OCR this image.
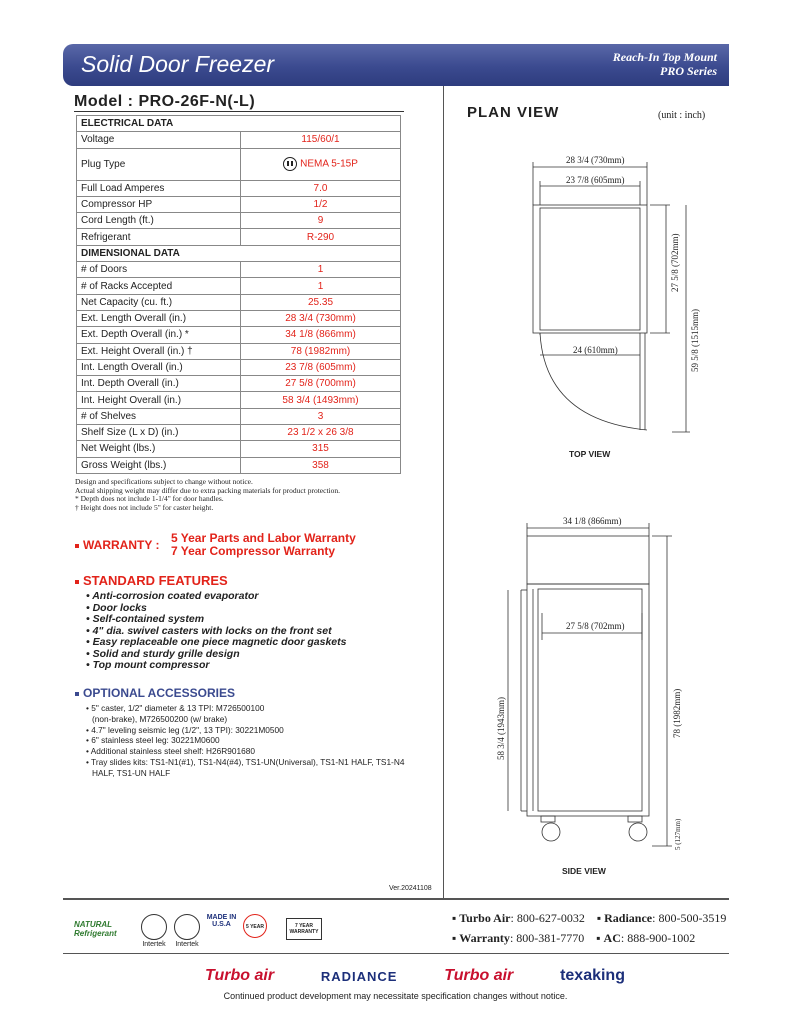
Solid Door Freezer	Reach-In Top Mount
PRO Series
Model : PRO-26F-N(-L)
ELECTRICAL DATA	
Voltage	115/60/1
Plug Type	NEMA 5-15P
Full Load Amperes	7.0
Compressor HP	1/2
Cord Length (ft.)	9
Refrigerant	R-290
DIMENSIONAL DATA	
# of Doors	1
# of Racks Accepted	1
Net Capacity (cu. ft.)	25.35
Ext. Length Overall (in.)	28 3/4 (730mm)
Ext. Depth Overall (in.) *	34 1/8 (866mm)
Ext. Height Overall (in.) †	78 (1982mm)
Int. Length Overall (in.)	23 7/8 (605mm)
Int. Depth Overall (in.)	27 5/8 (700mm)
Int. Height Overall (in.)	58 3/4 (1493mm)
# of Shelves	3
Shelf Size (L x D) (in.)	23 1/2 x 26 3/8
Net Weight (lbs.)	315
Gross Weight (lbs.)	358
Design and specifications subject to change without notice.
Actual shipping weight may differ due to extra packing materials for product protection.
* Depth does not include 1-1/4" for door handles.
† Height does not include 5" for caster height.
WARRANTY : 5 Year Parts and Labor Warranty
7 Year Compressor Warranty
STANDARD FEATURES
• Anti-corrosion coated evaporator
• Door locks
• Self-contained system
• 4" dia. swivel casters with locks on the front set
• Easy replaceable one piece magnetic door gaskets
• Solid and sturdy grille design
• Top mount compressor
OPTIONAL ACCESSORIES
• 5" caster, 1/2" diameter & 13 TPI: M726500100 (non-brake), M726500200 (w/ brake)
• 4.7" leveling seismic leg (1/2", 13 TPI): 30221M0500
• 6" stainless steel leg: 30221M0600
• Additional stainless steel shelf: H26R901680
• Tray slides kits: TS1-N1(#1), TS1-N4(#4), TS1-UN(Universal), TS1-N1 HALF, TS1-N4 HALF, TS1-UN HALF
Ver.20241108
PLAN VIEW	(unit : inch)
28 3/4 (730mm)
23 7/8 (605mm)
24 (610mm)
27 5/8 (702mm)
59 5/8 (1515mm)
34 1/8 (866mm)
27 5/8 (702mm)
78 (1982mm)
58 3/4 (1943mm)
5 (127mm)
TOP VIEW
SIDE VIEW
NATURAL Refrigerant
Intertek	Intertek
MADE IN U.S.A	5 YEAR	7 YEAR WARRANTY
▪ Turbo Air: 800-627-0032 ▪ Radiance: 800-500-3519
▪ Warranty: 800-381-7770 ▪ AC: 888-900-1002
Turbo air	RADIANCE	Turbo air	texaking
Continued product development may necessitate specification changes without notice.
